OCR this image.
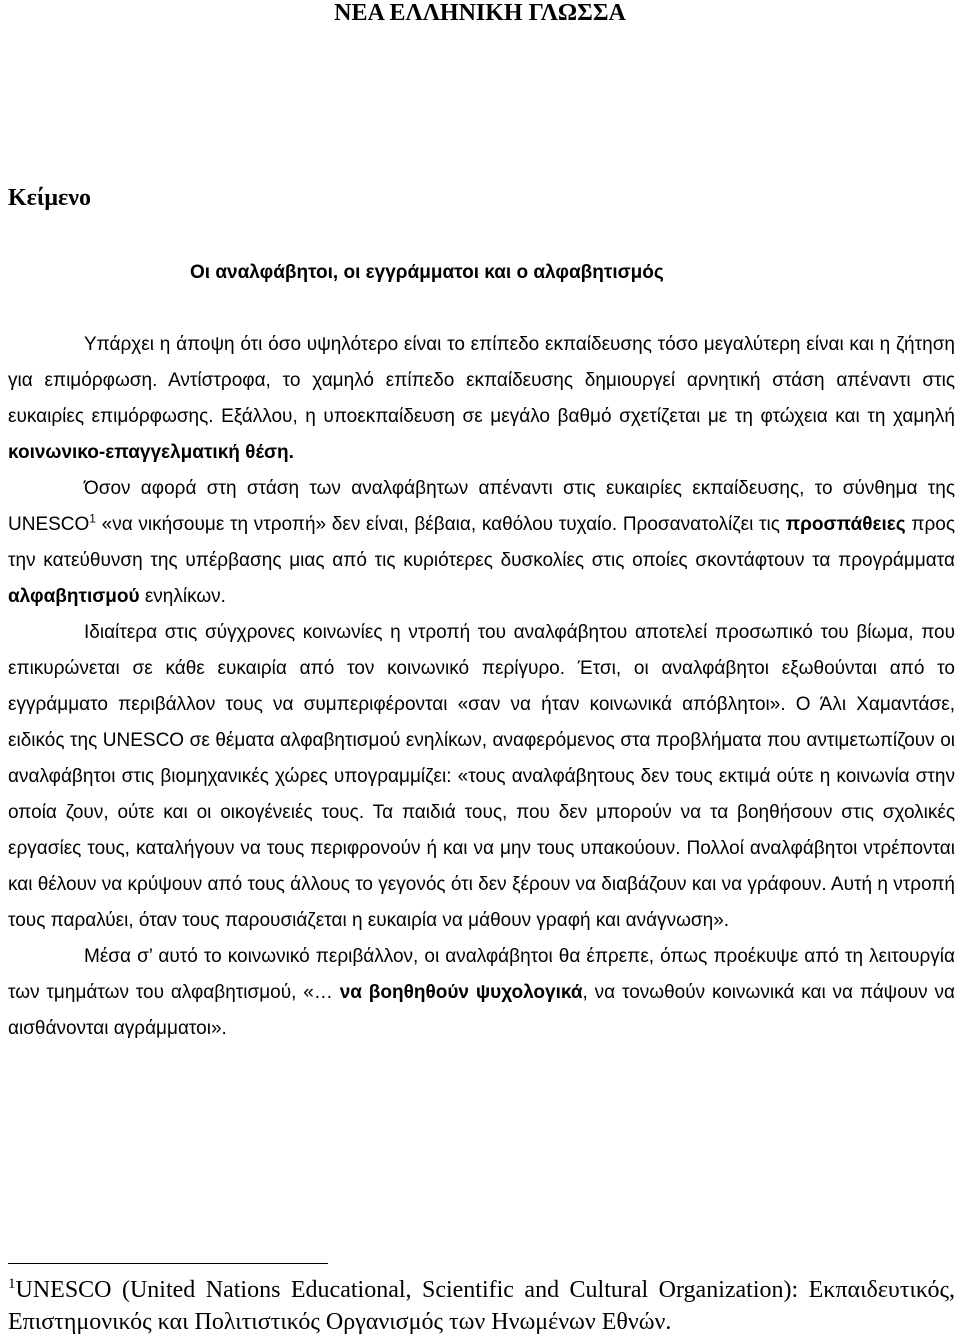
ΝΕΑ ΕΛΛΗΝΙΚΗ ΓΛΩΣΣΑ
Κείμενο
Οι αναλφάβητοι, οι εγγράμματοι και ο αλφαβητισμός

Υπάρχει η άποψη ότι όσο υψηλότερο είναι το επίπεδο εκπαίδευσης τόσο μεγαλύτερη είναι και η ζήτηση για επιμόρφωση. Αντίστροφα, το χαμηλό επίπεδο εκπαίδευσης δημιουργεί αρνητική στάση απέναντι στις ευκαιρίες επιμόρφωσης. Εξάλλου, η υποεκπαίδευση σε μεγάλο βαθμό σχετίζεται με τη φτώχεια και τη χαμηλή κοινωνικο-επαγγελματική θέση.

Όσον αφορά στη στάση των αναλφάβητων απέναντι στις ευκαιρίες εκπαίδευσης, το σύνθημα της UNESCO$^1$ «να νικήσουμε τη ντροπή» δεν είναι, βέβαια, καθόλου τυχαίο. Προσανατολίζει τις προσπάθειες προς την κατεύθυνση της υπέρβασης μιας από τις κυριότερες δυσκολίες στις οποίες σκοντάφτουν τα προγράμματα αλφαβητισμού ενηλίκων.

Ιδιαίτερα στις σύγχρονες κοινωνίες η ντροπή του αναλφάβητου αποτελεί προσωπικό του βίωμα, που επικυρώνεται σε κάθε ευκαιρία από τον κοινωνικό περίγυρο. Έτσι, οι αναλφάβητοι εξωθούνται από το εγγράμματο περιβάλλον τους να συμπεριφέρονται «σαν να ήταν κοινωνικά απόβλητοι». Ο Άλι Χαμαντάσε, ειδικός της UNESCO σε θέματα αλφαβητισμού ενηλίκων, αναφερόμενος στα προβλήματα που αντιμετωπίζουν οι αναλφάβητοι στις βιομηχανικές χώρες υπογραμμίζει: «τους αναλφάβητους δεν τους εκτιμά ούτε η κοινωνία στην οποία ζουν, ούτε και οι οικογένειές τους. Τα παιδιά τους, που δεν μπορούν να τα βοηθήσουν στις σχολικές εργασίες τους, καταλήγουν να τους περιφρονούν ή και να μην τους υπακούουν. Πολλοί αναλφάβητοι ντρέπονται και θέλουν να κρύψουν από τους άλλους το γεγονός ότι δεν ξέρουν να διαβάζουν και να γράφουν. Αυτή η ντροπή τους παραλύει, όταν τους παρουσιάζεται η ευκαιρία να μάθουν γραφή και ανάγνωση».

Μέσα σ’ αυτό το κοινωνικό περιβάλλον, οι αναλφάβητοι θα έπρεπε, όπως προέκυψε από τη λειτουργία των τμημάτων του αλφαβητισμού, «… να βοηθηθούν ψυχολογικά, να τονωθούν κοινωνικά και να πάψουν να αισθάνονται αγράμματοι».

$^1$UNESCO (United Nations Educational, Scientific and Cultural Organization): Εκπαιδευτικός, Επιστημονικός και Πολιτιστικός Οργανισμός των Ηνωμένων Εθνών.
